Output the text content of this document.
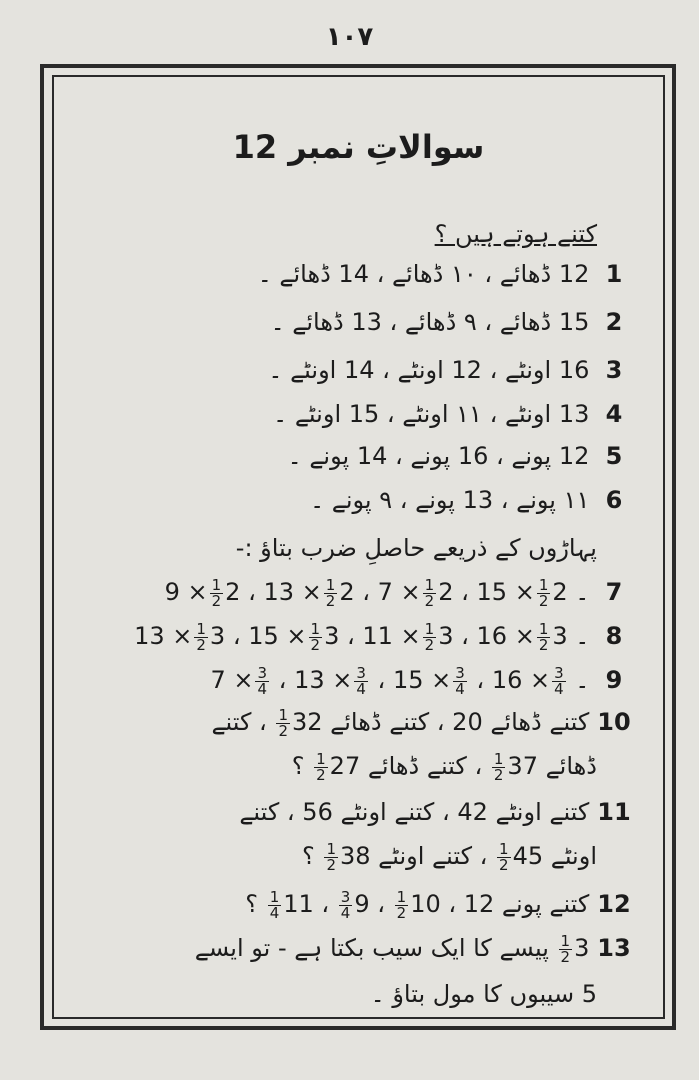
۱۰۷
سوالاتِ نمبر 12
کتنے ہوتے ہیں ؟
1 12 ڈھائے ، ۱۰ ڈھائے ، 14 ڈھائے ۔
2 15 ڈھائے ، ۹ ڈھائے ، 13 ڈھائے ۔
3 16 اونٹے ، 12 اونٹے ، 14 اونٹے ۔
4 13 اونٹے ، ۱۱ اونٹے ، 15 اونٹے ۔
5 12 پونے ، 16 پونے ، 14 پونے ۔
6 ۱۱ پونے ، 13 پونے ، ۹ پونے ۔
پہاڑوں کے ذریعے حاصلِ ضرب بتاؤ :-
7 ۔ 2
$\frac{1}{2}$
× 15 ، 2
$\frac{1}{2}$
× 7 ، 2
$\frac{1}{2}$
× 13 ، 2
$\frac{1}{2}$
× 9
8 ۔ 3
$\frac{1}{2}$
× 16 ، 3
$\frac{1}{2}$
× 11 ، 3
$\frac{1}{2}$
× 15 ، 3
$\frac{1}{2}$
× 13
9 ۔
$\frac{3}{4}$
× 16 ،
$\frac{3}{4}$
× 15 ،
$\frac{3}{4}$
× 13 ،
$\frac{3}{4}$
× 7
10 کتنے ڈھائے 20 ، کتنے ڈھائے 32
$\frac{1}{2}$
، کتنے
ڈھائے 37
$\frac{1}{2}$
، کتنے ڈھائے 27
$\frac{1}{2}$
؟
11 کتنے اونٹے 42 ، کتنے اونٹے 56 ، کتنے
اونٹے 45
$\frac{1}{2}$
، کتنے اونٹے 38
$\frac{1}{2}$
؟
12 کتنے پونے 12 ، 10
$\frac{1}{2}$
، 9
$\frac{3}{4}$
، 11
$\frac{1}{4}$
؟
13 3
$\frac{1}{2}$
پیسے کا ایک سیب بکتا ہے - تو ایسے
5 سیبوں کا مول بتاؤ ۔
